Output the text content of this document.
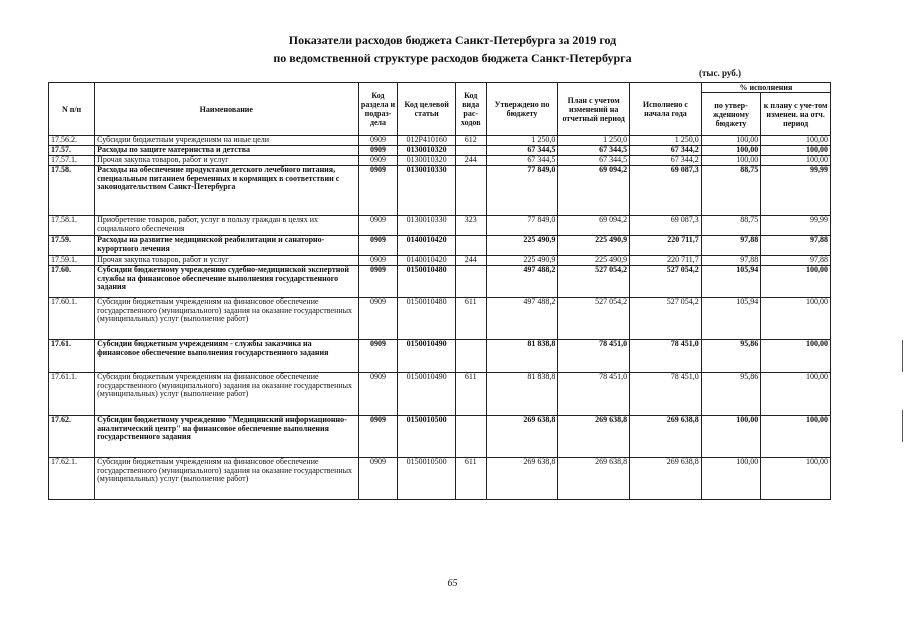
Показатели расходов бюджета Санкт-Петербурга за 2019 год
по ведомственной структуре расходов бюджета Санкт-Петербурга
(тыс. руб.)
N п/п	Наименование	Код раздела и подраз-дела	Код целевой статьи	Код вида рас-ходов	Утверждено по бюджету	План с учетом изменений на отчетный период	Исполнено с начала года	% исполнения	
								по утвер-жденному бюджету	к плану с уче-том изменен. на отч. период
17.56.2.	Субсидии бюджетным учреждениям на иные цели	0909	012P410160	612	1 250,0	1 250,0	1 250,0	100,00	100,00
17.57.	Расходы по защите материнства и детства	0909	0130010320		67 344,5	67 344,5	67 344,2	100,00	100,00
17.57.1.	Прочая закупка товаров, работ и услуг	0909	0130010320	244	67 344,5	67 344,5	67 344,2	100,00	100,00
17.58.	Расходы на обеспечение продуктами детского лечебного питания, специальным питанием беременных и кормящих в соответствии с законодательством Санкт-Петербурга	0909	0130010330		77 849,0	69 094,2	69 087,3	88,75	99,99
17.58.1.	Приобретение товаров, работ, услуг в пользу граждан в целях их социального обеспечения	0909	0130010330	323	77 849,0	69 094,2	69 087,3	88,75	99,99
17.59.	Расходы на развитие медицинской реабилитации и санаторно-курортного лечения	0909	0140010420		225 490,9	225 490,9	220 711,7	97,88	97,88
17.59.1.	Прочая закупка товаров, работ и услуг	0909	0140010420	244	225 490,9	225 490,9	220 711,7	97,88	97,88
17.60.	Субсидии бюджетному учреждению судебно-медицинской экспертной службы на финансовое обеспечение выполнения государственного задания	0909	0150010480		497 488,2	527 054,2	527 054,2	105,94	100,00
17.60.1.	Субсидии бюджетным учреждениям на финансовое обеспечение государственного (муниципального) задания на оказание государственных (муниципальных) услуг (выполнение работ)	0909	0150010480	611	497 488,2	527 054,2	527 054,2	105,94	100,00
17.61.	Субсидии бюджетным учреждениям - службы заказчика на финансовое обеспечение выполнения государственного задания	0909	0150010490		81 838,8	78 451,0	78 451,0	95,86	100,00
17.61.1.	Субсидии бюджетным учреждениям на финансовое обеспечение государственного (муниципального) задания на оказание государственных (муниципальных) услуг (выполнение работ)	0909	0150010490	611	81 838,8	78 451,0	78 451,0	95,86	100,00
17.62.	Субсидии бюджетному учреждению "Медицинский информационно-аналитический центр" на финансовое обеспечение выполнения государственного задания	0909	0150010500		269 638,8	269 638,8	269 638,8	100,00	100,00
17.62.1.	Субсидии бюджетным учреждениям на финансовое обеспечение государственного (муниципального) задания на оказание государственных (муниципальных) услуг (выполнение работ)	0909	0150010500	611	269 638,8	269 638,8	269 638,8	100,00	100,00
65
